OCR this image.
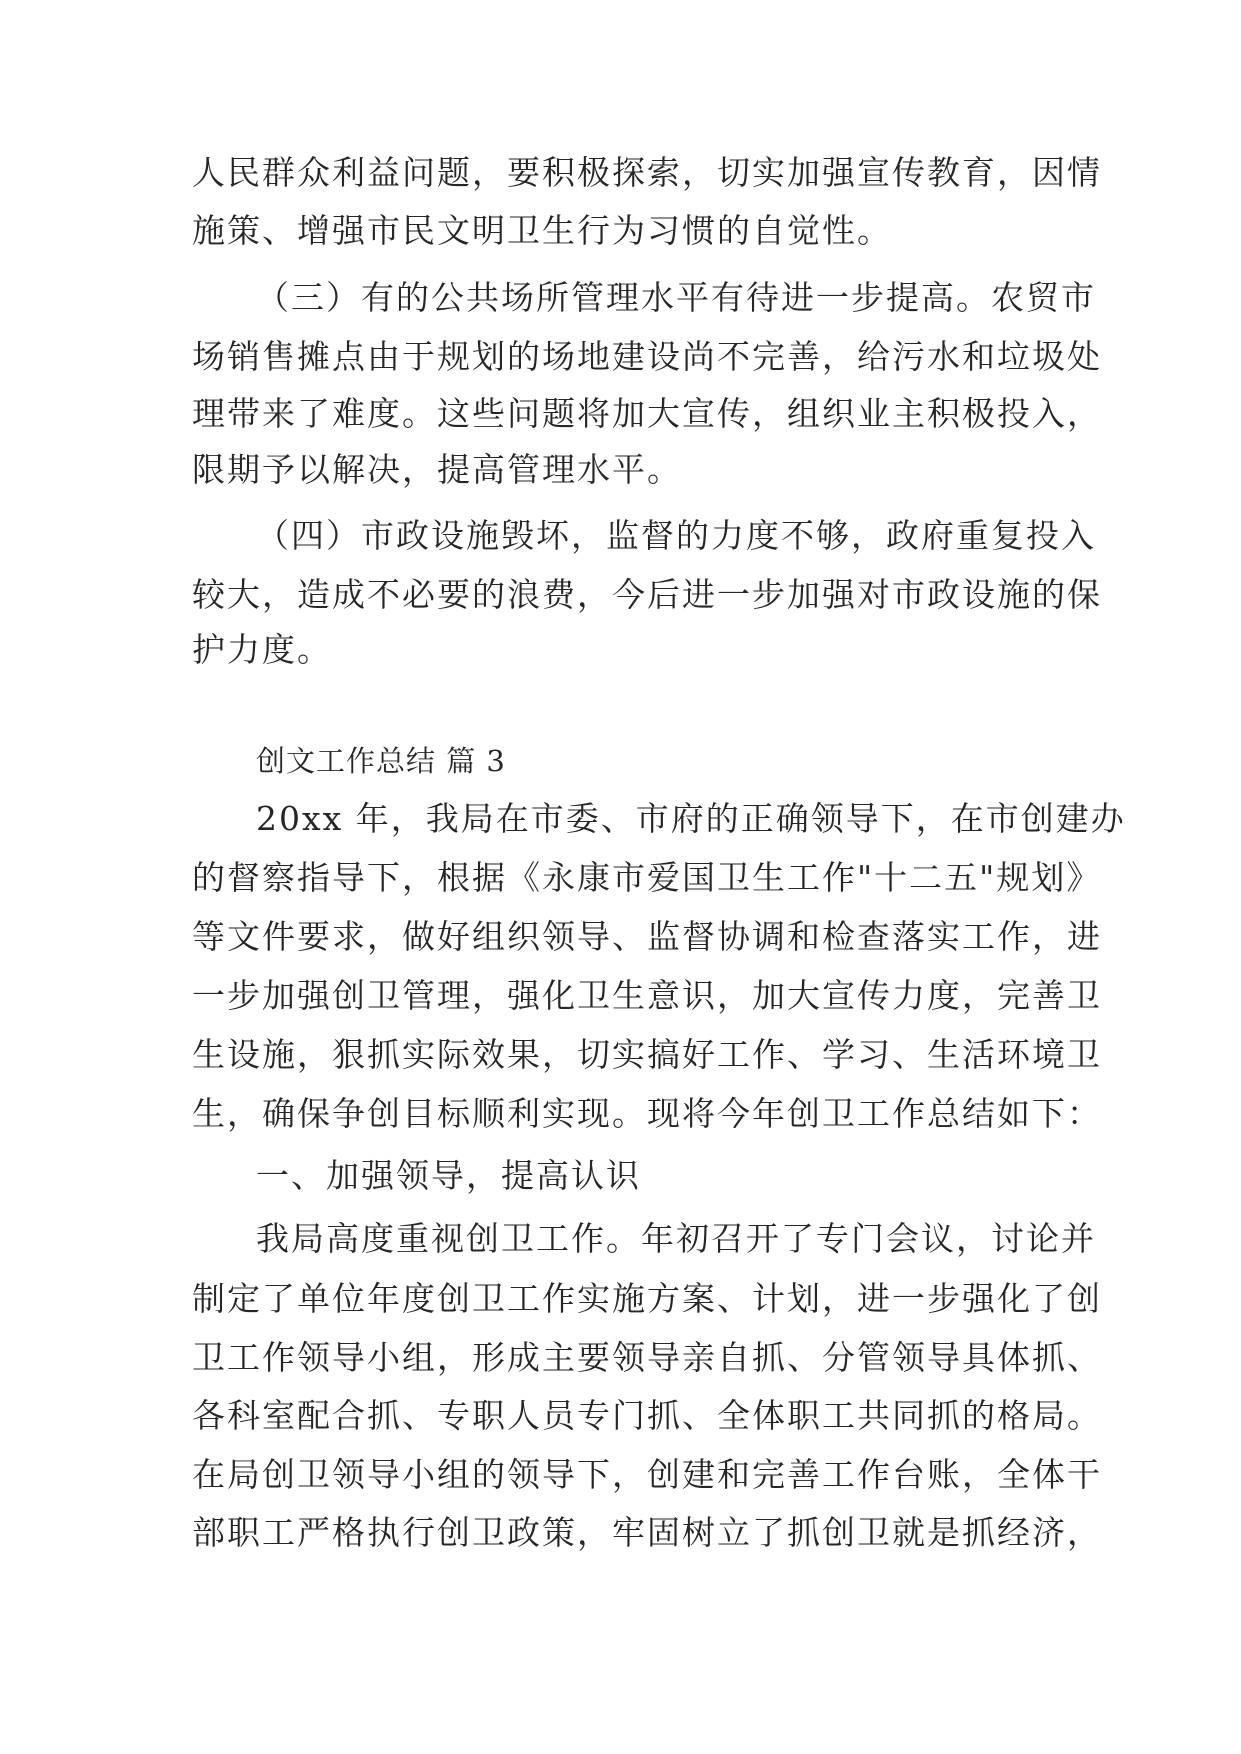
人民群众利益问题，要积极探索，切实加强宣传教育，因情
施策、增强市民文明卫生行为习惯的自觉性。
（三）有的公共场所管理水平有待进一步提高。农贸市
场销售摊点由于规划的场地建设尚不完善，给污水和垃圾处
理带来了难度。这些问题将加大宣传，组织业主积极投入，
限期予以解决，提高管理水平。
（四）市政设施毁坏，监督的力度不够，政府重复投入
较大，造成不必要的浪费，今后进一步加强对市政设施的保
护力度。
创文工作总结 篇 3
20xx 年，我局在市委、市府的正确领导下，在市创建办
的督察指导下，根据《永康市爱国卫生工作"十二五"规划》
等文件要求，做好组织领导、监督协调和检查落实工作，进
一步加强创卫管理，强化卫生意识，加大宣传力度，完善卫
生设施，狠抓实际效果，切实搞好工作、学习、生活环境卫
生，确保争创目标顺利实现。现将今年创卫工作总结如下：
一、加强领导，提高认识
我局高度重视创卫工作。年初召开了专门会议，讨论并
制定了单位年度创卫工作实施方案、计划，进一步强化了创
卫工作领导小组，形成主要领导亲自抓、分管领导具体抓、
各科室配合抓、专职人员专门抓、全体职工共同抓的格局。
在局创卫领导小组的领导下，创建和完善工作台账，全体干
部职工严格执行创卫政策，牢固树立了抓创卫就是抓经济，
